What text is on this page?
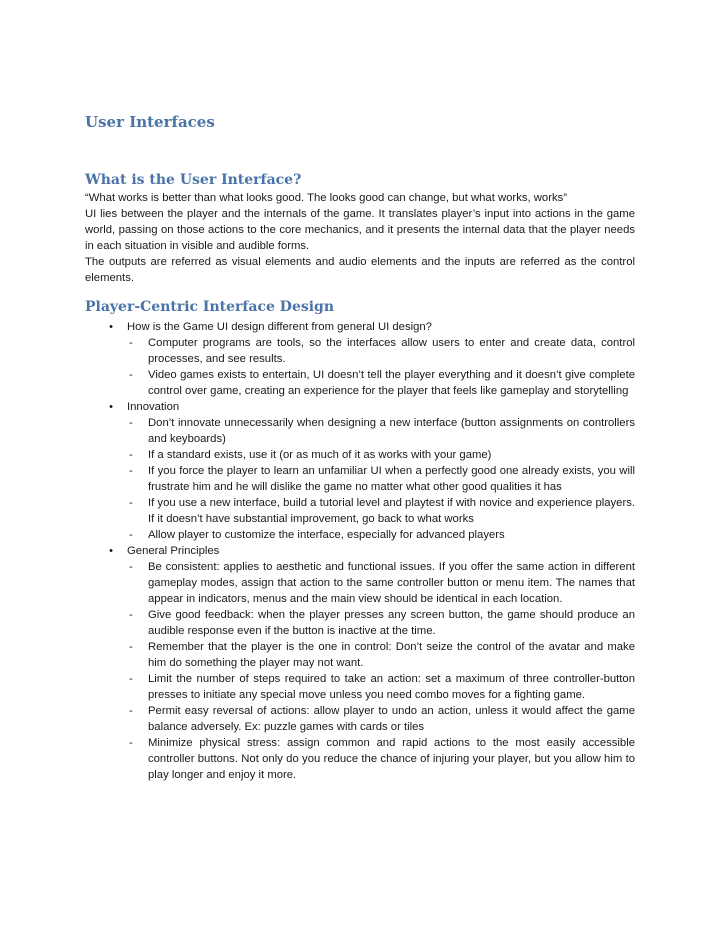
User Interfaces
What is the User Interface?

“What works is better than what looks good. The looks good can change, but what works, works”

UI lies between the player and the internals of the game. It translates player’s input into actions in the game world, passing on those actions to the core mechanics, and it presents the internal data that the player needs in each situation in visible and audible forms.

The outputs are referred as visual elements and audio elements and the inputs are referred as the control elements.

Player-Centric Interface Design
•	How is the Game UI design different from general UI design?
- Computer programs are tools, so the interfaces allow users to enter and create data, control processes, and see results.
- Video games exists to entertain, UI doesn’t tell the player everything and it doesn’t give complete control over game, creating an experience for the player that feels like gameplay and storytelling
•	Innovation
- Don’t innovate unnecessarily when designing a new interface (button assignments on controllers and keyboards)
- If a standard exists, use it (or as much of it as works with your game)
- If you force the player to learn an unfamiliar UI when a perfectly good one already exists, you will frustrate him and he will dislike the game no matter what other good qualities it has
- If you use a new interface, build a tutorial level and playtest if with novice and experience players. If it doesn’t have substantial improvement, go back to what works
- Allow player to customize the interface, especially for advanced players
•	General Principles
- Be consistent: applies to aesthetic and functional issues. If you offer the same action in different gameplay modes, assign that action to the same controller button or menu item. The names that appear in indicators, menus and the main view should be identical in each location.
- Give good feedback: when the player presses any screen button, the game should produce an audible response even if the button is inactive at the time.
- Remember that the player is the one in control: Don’t seize the control of the avatar and make him do something the player may not want.
- Limit the number of steps required to take an action: set a maximum of three controller-button presses to initiate any special move unless you need combo moves for a fighting game.
- Permit easy reversal of actions: allow player to undo an action, unless it would affect the game balance adversely. Ex: puzzle games with cards or tiles
- Minimize physical stress: assign common and rapid actions to the most easily accessible controller buttons. Not only do you reduce the chance of injuring your player, but you allow him to play longer and enjoy it more.
